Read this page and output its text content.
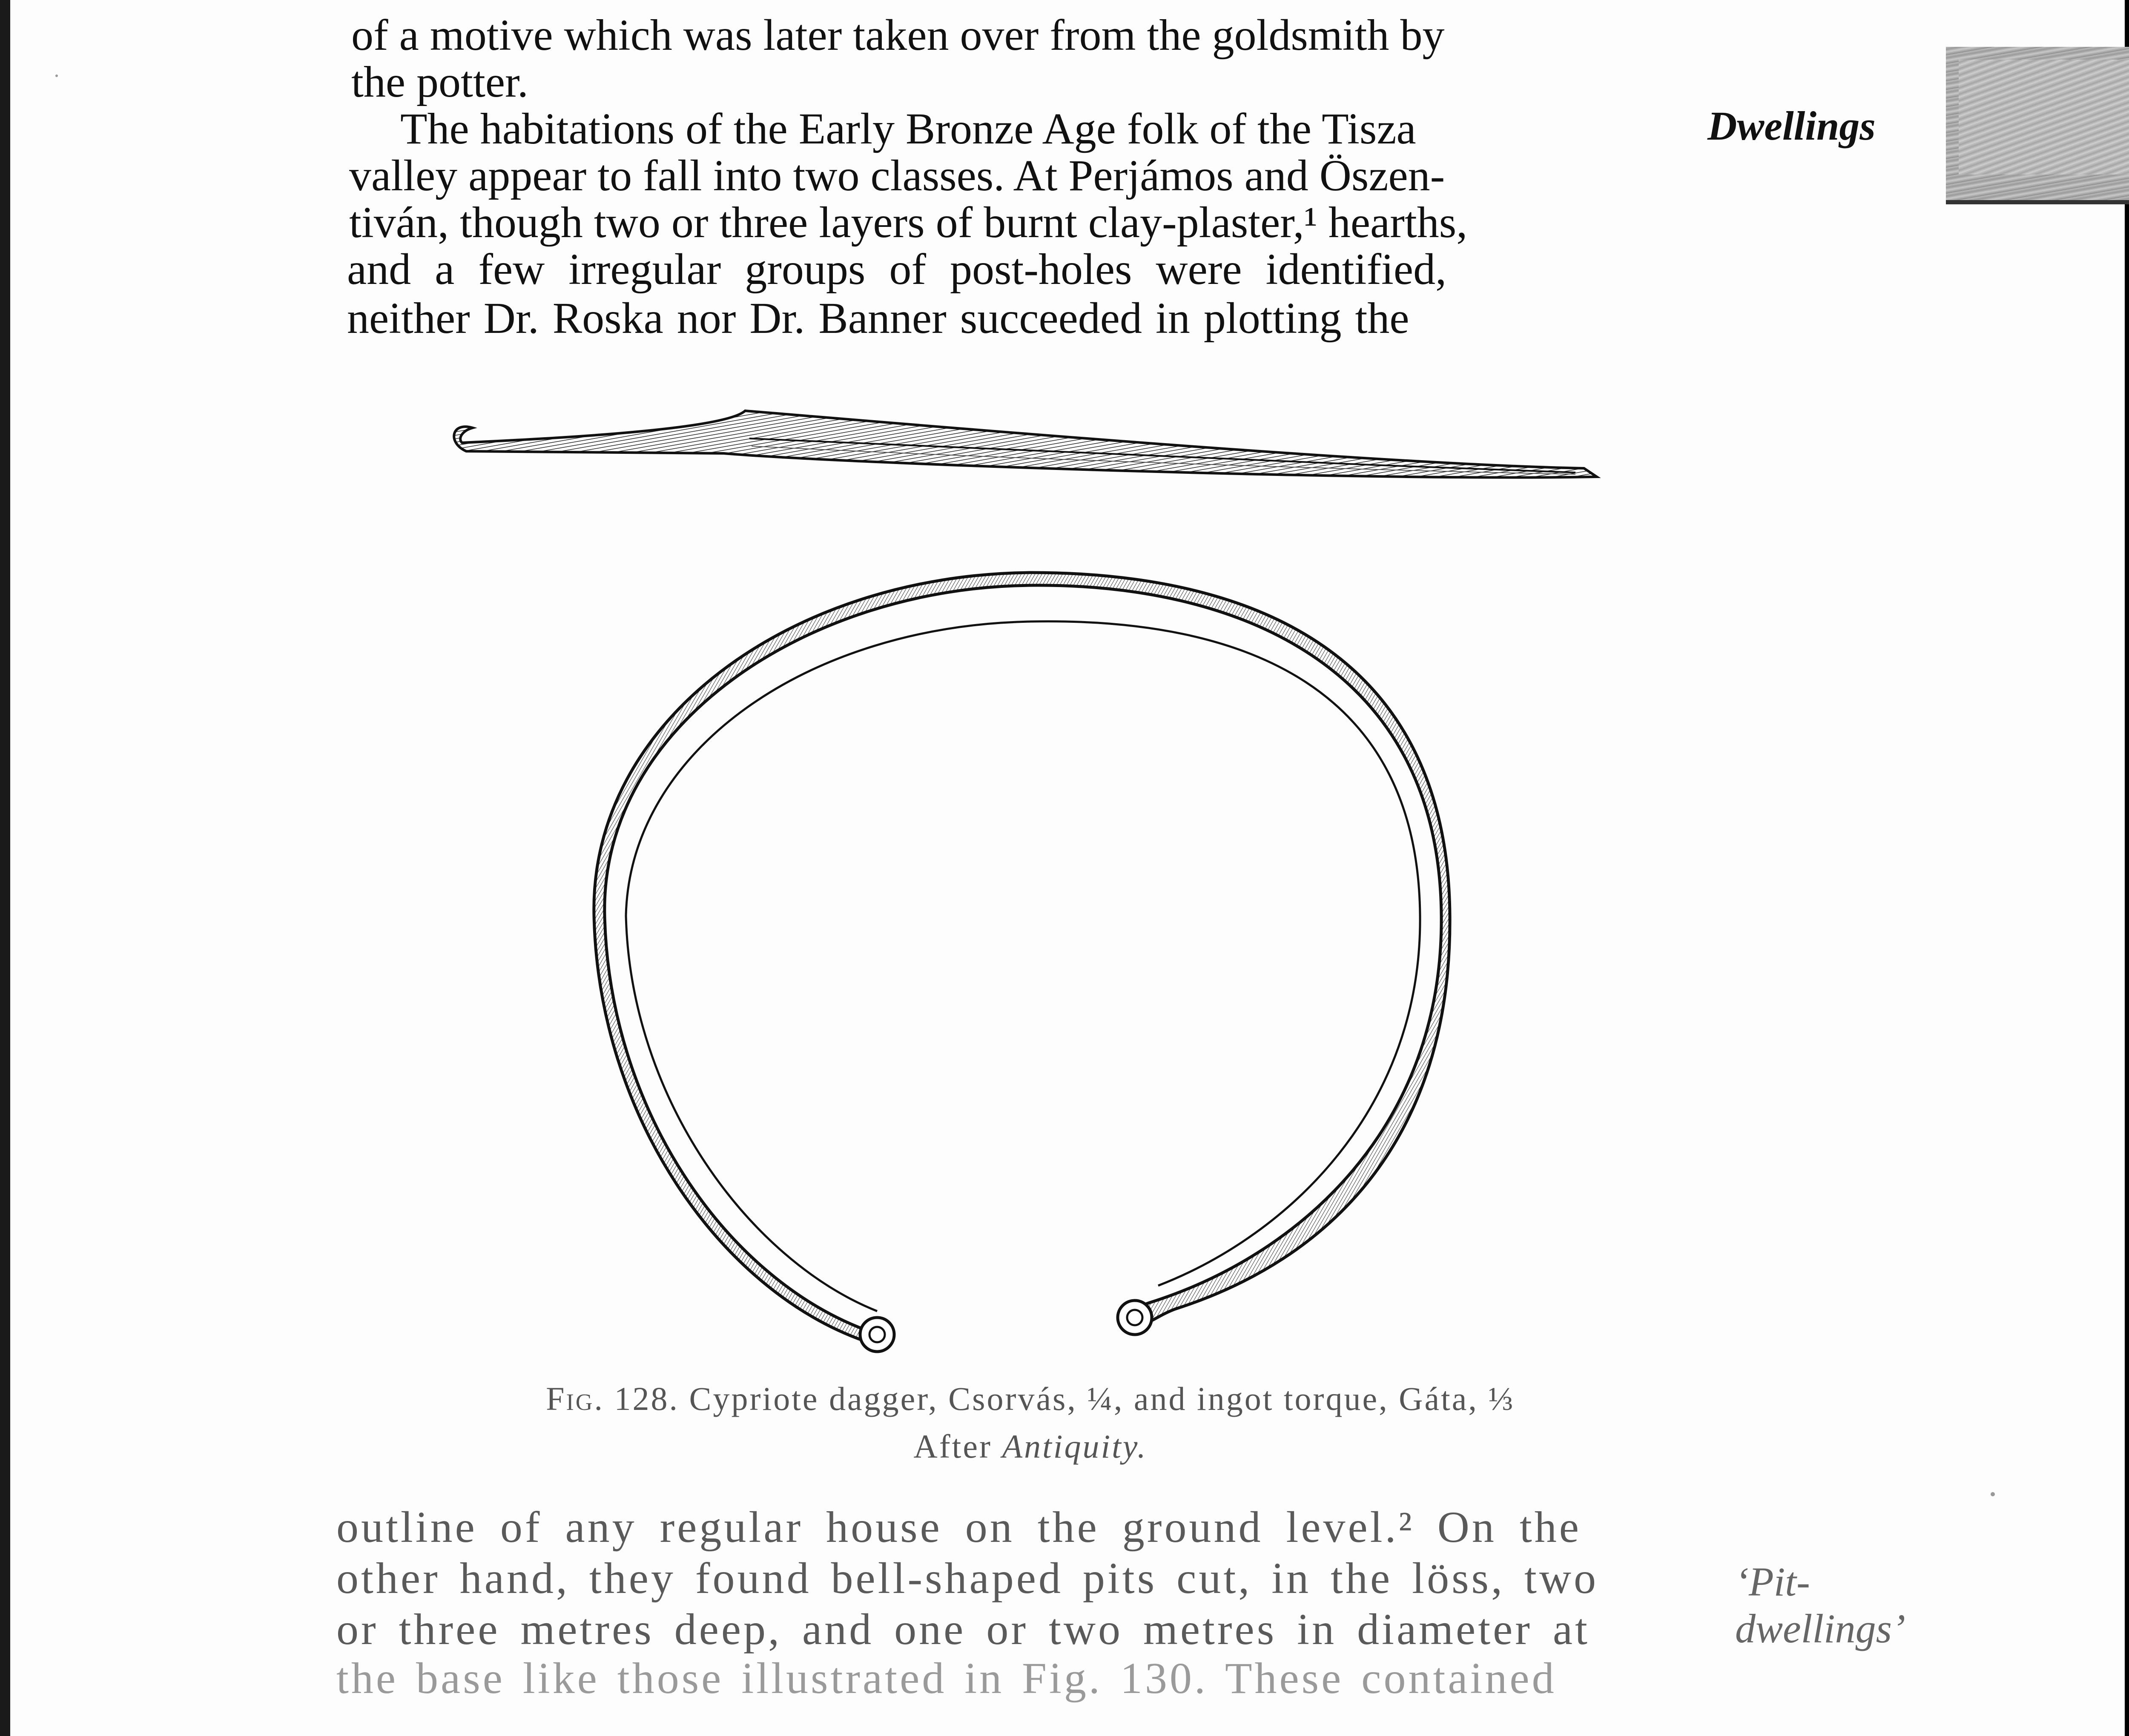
of a motive which was later taken over from the goldsmith by
the potter.
The habitations of the Early Bronze Age folk of the Tisza
valley appear to fall into two classes. At Perjámos and Öszen-
tiván, though two or three layers of burnt clay-plaster,¹ hearths,
and a few irregular groups of post-holes were identified,
neither Dr. Roska nor Dr. Banner succeeded in plotting the
Dwellings
Fig. 128. Cypriote dagger, Csorvás, ¼, and ingot torque, Gáta, ⅓
After Antiquity.
outline of any regular house on the ground level.² On the
other hand, they found bell-shaped pits cut, in the löss, two
or three metres deep, and one or two metres in diameter at
the base like those illustrated in Fig. 130. These contained
‘Pit-
dwellings’
